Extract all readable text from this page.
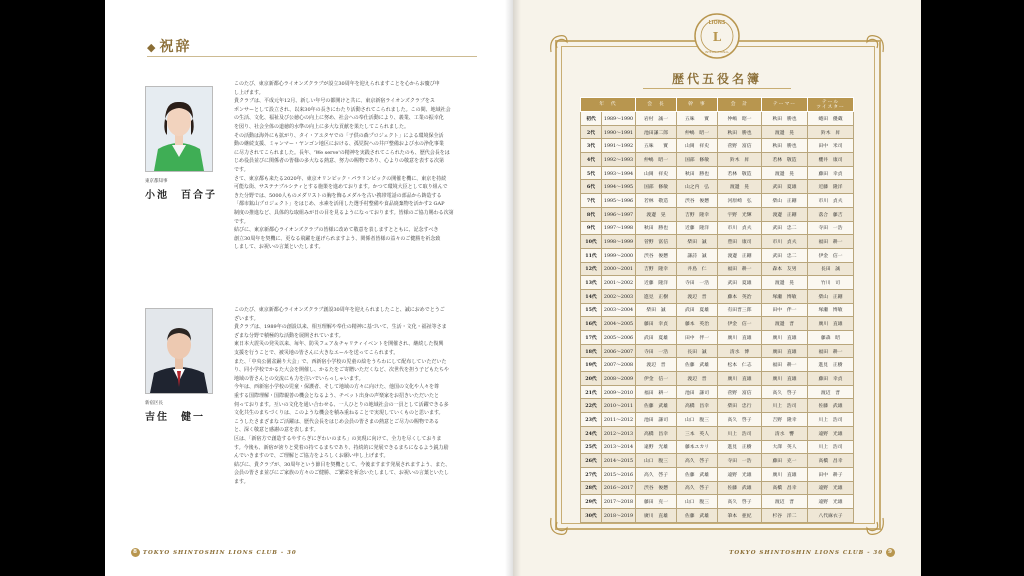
◆ 祝辞
東京都知事
小池　百合子

このたび、東京新都心ライオンズクラブが設立30周年を迎えられますことを心からお慶び申

し上げます。

貴クラブは、平成元年12月、新しい年号の都開けと共に、東京新宿ライオンズクラブをス

ポンサーとして設立され、以来30年の長きにわたり活動されてこられました。この間、地域社会

の生活、文化、福祉及び公徳心の向上に努め、社会への奉仕活動により、義業、工業の振幸化

を図り、社会全体の道徳的水準の向上に多大な貢献を果たしてこられました。

その活動は海外にも拡がり、タイ・アユタヤでの「子供の森プロジェクト」による環境保全活

動の継続支援、ミャンマー・ヤンゴン地区における、孤児院への井戸整備および水の浄化事業

に尽力されてこられました。長年、'We serve'の精神を実践されてこられたのも、歴代会長をは

じめ役員並びに関係者の皆様の多大なる熱意、努力の賜物であり、心よりの敬意を表する次第

です。

さて、東京都も来たる2020年、東京オリンピック・パラリンピックの開催を機に、東京を持続

可能な街、サステナブルシティとする施策を進めております。かつて環境大臣として取り組んで

きた分野では、5000人ものメダリストの胸を飾るメダルを古い携帯電話の部品から鋳造する

「都市鉱山プロジェクト」をはじめ、水素を活用した選手村整備や食品廃棄物を活かす2 GAP

制度の推進など、具体的な取組みが日の目を見るようになっております。皆様のご協力賜わる次第

です。

結びに、東京新都心ライオンズクラブの皆様に改めて敬意を表しますとともに、記念すべき

創立30周年を契機に、更なる飛躍を遂げられますよう、関係者皆様の益々のご健勝を祈念致

しまして、お祝いの言葉といたします。

新宿区長
吉住　健一

このたび、東京新都心ライオンズクラブ創設30周年を迎えられましたこと、誠におめでとうご

ざいます。

貴クラブは、1989年の創設以来、相互理解や奉仕の精神に基づいて、生活・文化・福祉等さま

ざまな分野で積極的な活動を展開されています。

東日本大震災の発災以来、毎年、防災フェア＆チャリティイベントを開催され、継続した復興

支援を行うことで、被災地の皆さんに大きなエールを送ってこられます。

また、「中央公園盆踊り大会」で、西新宿小学校の児童の絵をうちわにして配布していただいた

り、同小学校でかるた大会を開催し、かるたをご寄贈いただくなど、次世代を担う子どもたちや

地域の皆さんとの交流にも力を注いでいらっしゃいます。

今年は、西新宿小学校の児童・保護者、そして地域の方々に向けた、他国の文化や人々を尊

重する国際理解・国際親善の機会となるよう、チベット出身の声楽家をお招きいただいたと

伺っております。互いの文化を通い合わせる、一人ひとりの地域社会の一員として活躍できる多

文化共生のまちづくりは、このような機会を積み重ねることで実現していくものと思います。

こうしたさまざまなご活躍は、歴代会長をはじめ会員の皆さまの熱意とご尽力の賜物である

と、深く敬意と感謝の意を表します。

区は、「新宿方で創造するやすらぎにぎわいのまち」の実現に向けて、全力を尽くしておりま

す。今後も、新宿が誇りと愛着の持てるまちであり、持続的に発展できるまちになるよう鋭力励

んでいきますので、ご理解とご協力をよろしくお願い申し上げます。

結びに、貴クラブが、30周年という節目を契機として、今後ますます発展されますよう、また、

会員の皆さま並びにご家族の方々のご健勝、ご繁栄を祈念いたしまして、お祝いの言葉といたし

ます。

8 TOKYO SHINTOSHIN LIONS CLUB - 30
LIONS
L
INTERNATIONAL
歴代五役名簿
年　代		会　長	幹　事	会　計	テーマー	テール
ツイスター
初代	1989～1990	岩村　誠一	五味　　實	仲嶋　昭一	秋田　勝也	蜷田　優蔵
2代	1990～1991	池田謙二郎	仲嶋　昭一	秋田　勝也	渡邊　晃	鈴木　昇
3代	1991～1992	五味　　實	山岡　祥史	菅野　富信	秋田　勝也	田中　米司
4代	1992～1993	仲嶋　昭一	国部　修敏	鈴木　昇	若林　敬造	櫻井　康司
5代	1993～1994	山岡　祥史	秋田　勝也	若林　敬造	渡邊　晃	藤田　幸貞
6代	1994～1995	国部　修敏	山之内　弘	渡邊　晃	武田　夏雄	近藤　隆洋
7代	1995～1996	若林　敬造	渋谷　俊懋	河原崎　弘	柴山　正剛	市川　貞夫
8代	1996～1997	渡邊　晃	吉野　隆幸	宇野　光輝	渡邊　正剛	落合　藤吉
9代	1997～1998	秋田　勝也	近藤　隆洋	市川　貞夫	武田　忠二	寺田　一浩
10代	1998～1999	菅野　富信	柴田　誠	豊田　康司	市川　貞夫	福田　耕一
11代	1999～2000	渋谷　俊懋	謙詩　誠	渡邊　正剛	武田　忠二	伊金　信一
12代	2000～2001	吉野　隆幸	井島　仁	福田　耕一	森本　友男	長田　誠
13代	2001～2002	近藤　隆洋	寺田　一浩	武田　夏雄	渡邊　晃	竹川　司
14代	2002～2003	進見　正樹	渡辺　晋	藤本　英治	塚瀬　博敏	柴山　正剛
15代	2003～2004	柴田　誠	武田　夏雄	有田晋三郎	田中　伴一	塚瀬　博敏
16代	2004～2005	藤田　幸貞	藤本　英治	伊金　信一	渡邊　晋	廣川　直雄
17代	2005～2006	武田　夏雄	田中　伴一	廣川　直雄	廣川　直雄	藤森　昭
18代	2006～2007	寺田　一浩	長田　誠	清水　博	廣田　直雄	福田　耕一
19代	2007～2008	渡辺　晋	佐藤　武雄	松本　仁志	福田　耕一	進見　正樹
20代	2008～2009	伊金　信一	渡辺　晋	廣川　直雄	廣川　直雄	藤田　幸貞
21代	2009～2010	福田　耕一	池田　謙司	菅野　富信	高久　啓子	渡辺　晋
22代	2010～2011	佐藤　武雄	高橋　昌幸	柴田　忠行	川上　浩司	佐藤　武雄
23代	2011～2012	池田　謙司	山口　腹三	高久　啓子	吉野　隆幸	川上　浩司
24代	2012～2013	高橋　昌幸	三本　英人	川上　浩司	清水　響	遠野　光雄
25代	2013～2014	遠野　光雄	藤本ユカリ	進見　正樹	大澤　英人	川上　浩司
26代	2014～2015	山口　腹三	高久　啓子	寺田　一浩	藤田　克一	高橋　昌幸
27代	2015～2016	高久　啓子	佐藤　武雄	遠野　光雄	廣川　直雄	田中　耕子
28代	2016～2017	渋谷　俊懋	高久　啓子	佐藤　武雄	高橋　昌幸	遠野　光雄
29代	2017～2018	藤田　克一	山口　腹三	高久　啓子	渡辺　晋	遠野　光雄
30代	2018～2019	廣川　直雄	佐藤　武雄	筆本　亜紀	杉谷　洋二	八代麻衣子
TOKYO SHINTOSHIN LIONS CLUB - 30 9
